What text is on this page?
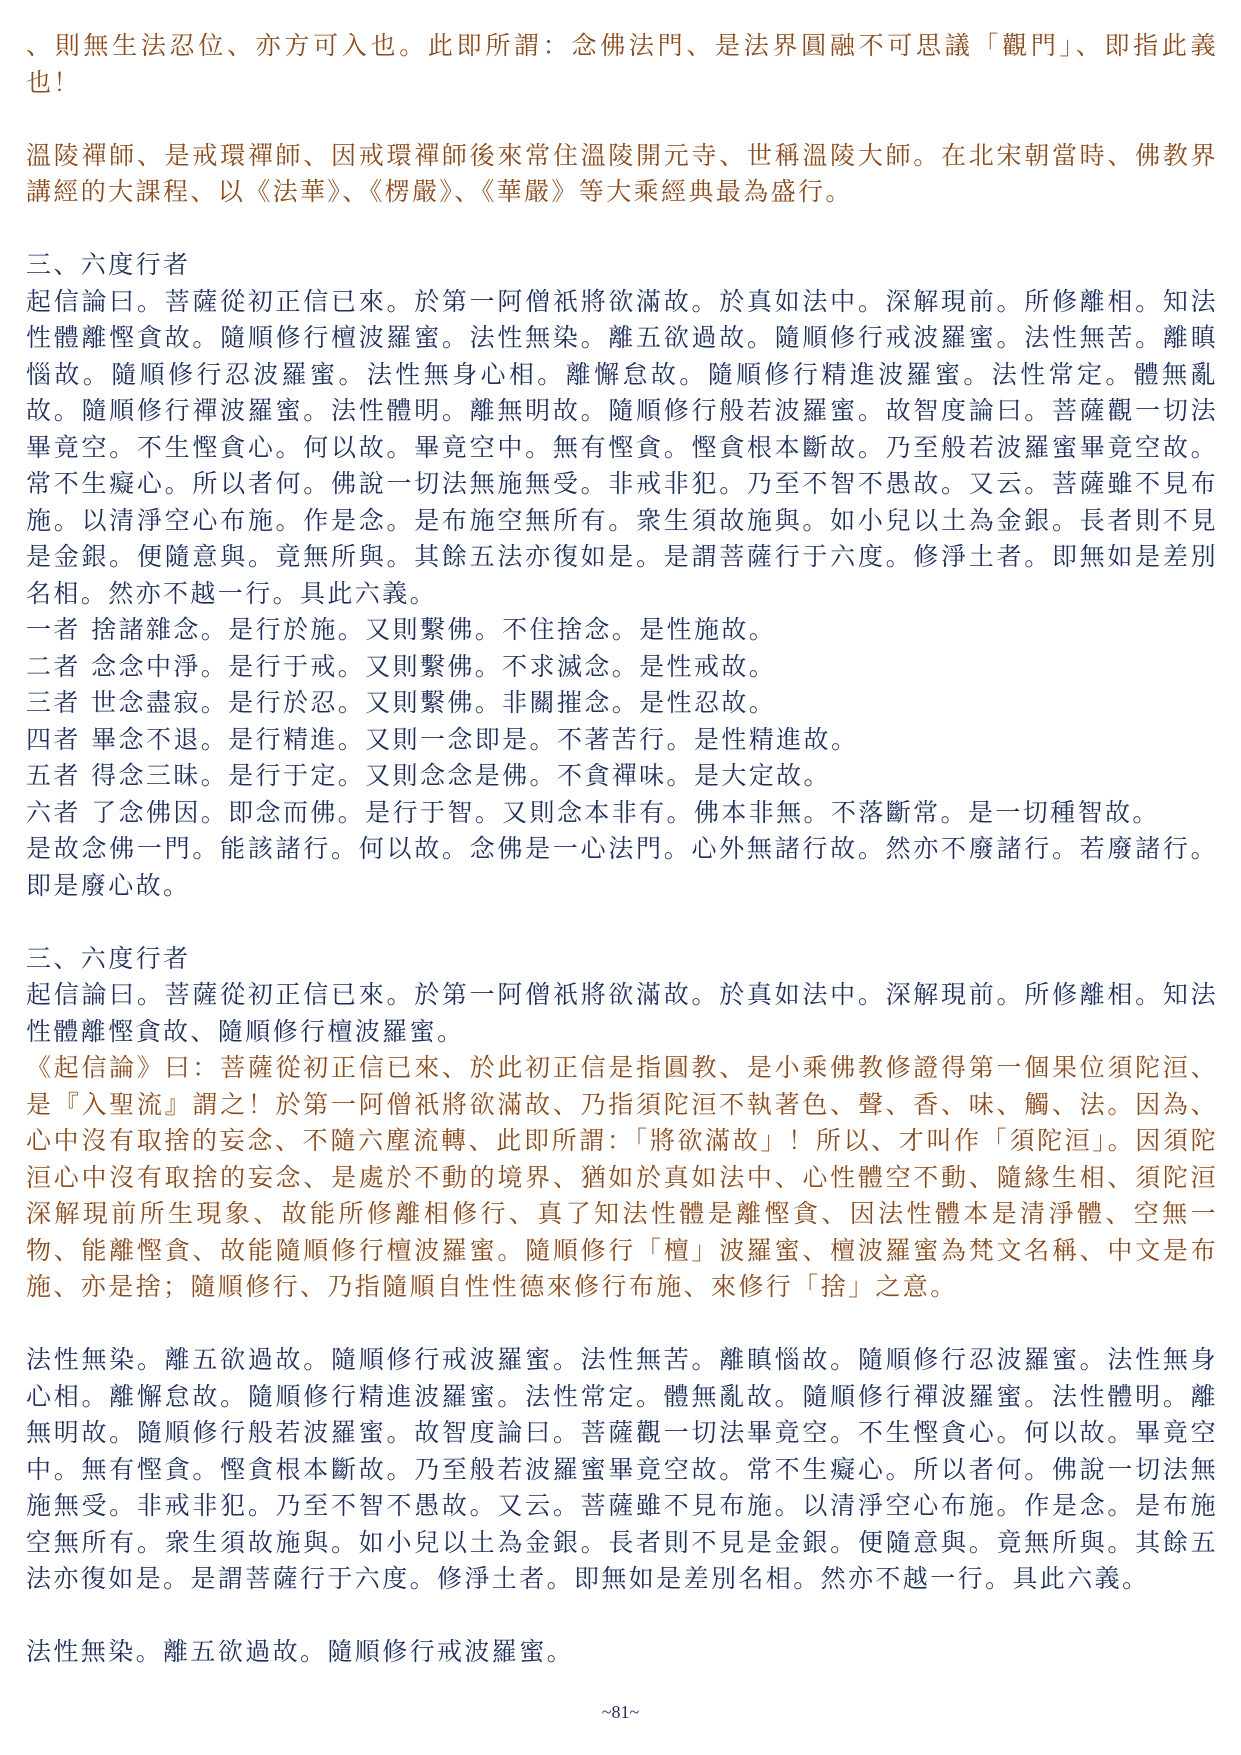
、則無生法忍位、亦方可入也。此即所謂：念佛法門、是法界圓融不可思議「觀門」、即指此義也！

溫陵禪師、是戒環禪師、因戒環禪師後來常住溫陵開元寺、世稱溫陵大師。在北宋朝當時、佛教界講經的大課程、以《法華》、《楞嚴》、《華嚴》等大乘經典最為盛行。

三、六度行者

起信論曰。菩薩從初正信已來。於第一阿僧祇將欲滿故。於真如法中。深解現前。所修離相。知法性體離慳貪故。隨順修行檀波羅蜜。法性無染。離五欲過故。隨順修行戒波羅蜜。法性無苦。離瞋惱故。隨順修行忍波羅蜜。法性無身心相。離懈怠故。隨順修行精進波羅蜜。法性常定。體無亂故。隨順修行禪波羅蜜。法性體明。離無明故。隨順修行般若波羅蜜。故智度論曰。菩薩觀一切法畢竟空。不生慳貪心。何以故。畢竟空中。無有慳貪。慳貪根本斷故。乃至般若波羅蜜畢竟空故。常不生癡心。所以者何。佛說一切法無施無受。非戒非犯。乃至不智不愚故。又云。菩薩雖不見布施。以清淨空心布施。作是念。是布施空無所有。衆生須故施與。如小兒以土為金銀。長者則不見是金銀。便隨意與。竟無所與。其餘五法亦復如是。是謂菩薩行于六度。修淨土者。即無如是差別名相。然亦不越一行。具此六義。

一者 捨諸雜念。是行於施。又則繫佛。不住捨念。是性施故。

二者 念念中淨。是行于戒。又則繫佛。不求滅念。是性戒故。

三者 世念盡寂。是行於忍。又則繫佛。非關摧念。是性忍故。

四者 畢念不退。是行精進。又則一念即是。不著苦行。是性精進故。

五者 得念三昧。是行于定。又則念念是佛。不貪禪味。是大定故。

六者 了念佛因。即念而佛。是行于智。又則念本非有。佛本非無。不落斷常。是一切種智故。

是故念佛一門。能該諸行。何以故。念佛是一心法門。心外無諸行故。然亦不廢諸行。若廢諸行。即是廢心故。

三、六度行者

起信論曰。菩薩從初正信已來。於第一阿僧祇將欲滿故。於真如法中。深解現前。所修離相。知法性體離慳貪故、隨順修行檀波羅蜜。

《起信論》曰：菩薩從初正信已來、於此初正信是指圓教、是小乘佛教修證得第一個果位須陀洹、是『入聖流』謂之！於第一阿僧祇將欲滿故、乃指須陀洹不執著色、聲、香、味、觸、法。因為、心中沒有取捨的妄念、不隨六塵流轉、此即所謂：「將欲滿故」！所以、才叫作「須陀洹」。因須陀洹心中沒有取捨的妄念、是處於不動的境界、猶如於真如法中、心性體空不動、隨緣生相、須陀洹深解現前所生現象、故能所修離相修行、真了知法性體是離慳貪、因法性體本是清淨體、空無一物、能離慳貪、故能隨順修行檀波羅蜜。隨順修行「檀」波羅蜜、檀波羅蜜為梵文名稱、中文是布施、亦是捨；隨順修行、乃指隨順自性性德來修行布施、來修行「捨」之意。

法性無染。離五欲過故。隨順修行戒波羅蜜。法性無苦。離瞋惱故。隨順修行忍波羅蜜。法性無身心相。離懈怠故。隨順修行精進波羅蜜。法性常定。體無亂故。隨順修行禪波羅蜜。法性體明。離無明故。隨順修行般若波羅蜜。故智度論曰。菩薩觀一切法畢竟空。不生慳貪心。何以故。畢竟空中。無有慳貪。慳貪根本斷故。乃至般若波羅蜜畢竟空故。常不生癡心。所以者何。佛說一切法無施無受。非戒非犯。乃至不智不愚故。又云。菩薩雖不見布施。以清淨空心布施。作是念。是布施空無所有。衆生須故施與。如小兒以土為金銀。長者則不見是金銀。便隨意與。竟無所與。其餘五法亦復如是。是謂菩薩行于六度。修淨土者。即無如是差別名相。然亦不越一行。具此六義。

法性無染。離五欲過故。隨順修行戒波羅蜜。

~81~
